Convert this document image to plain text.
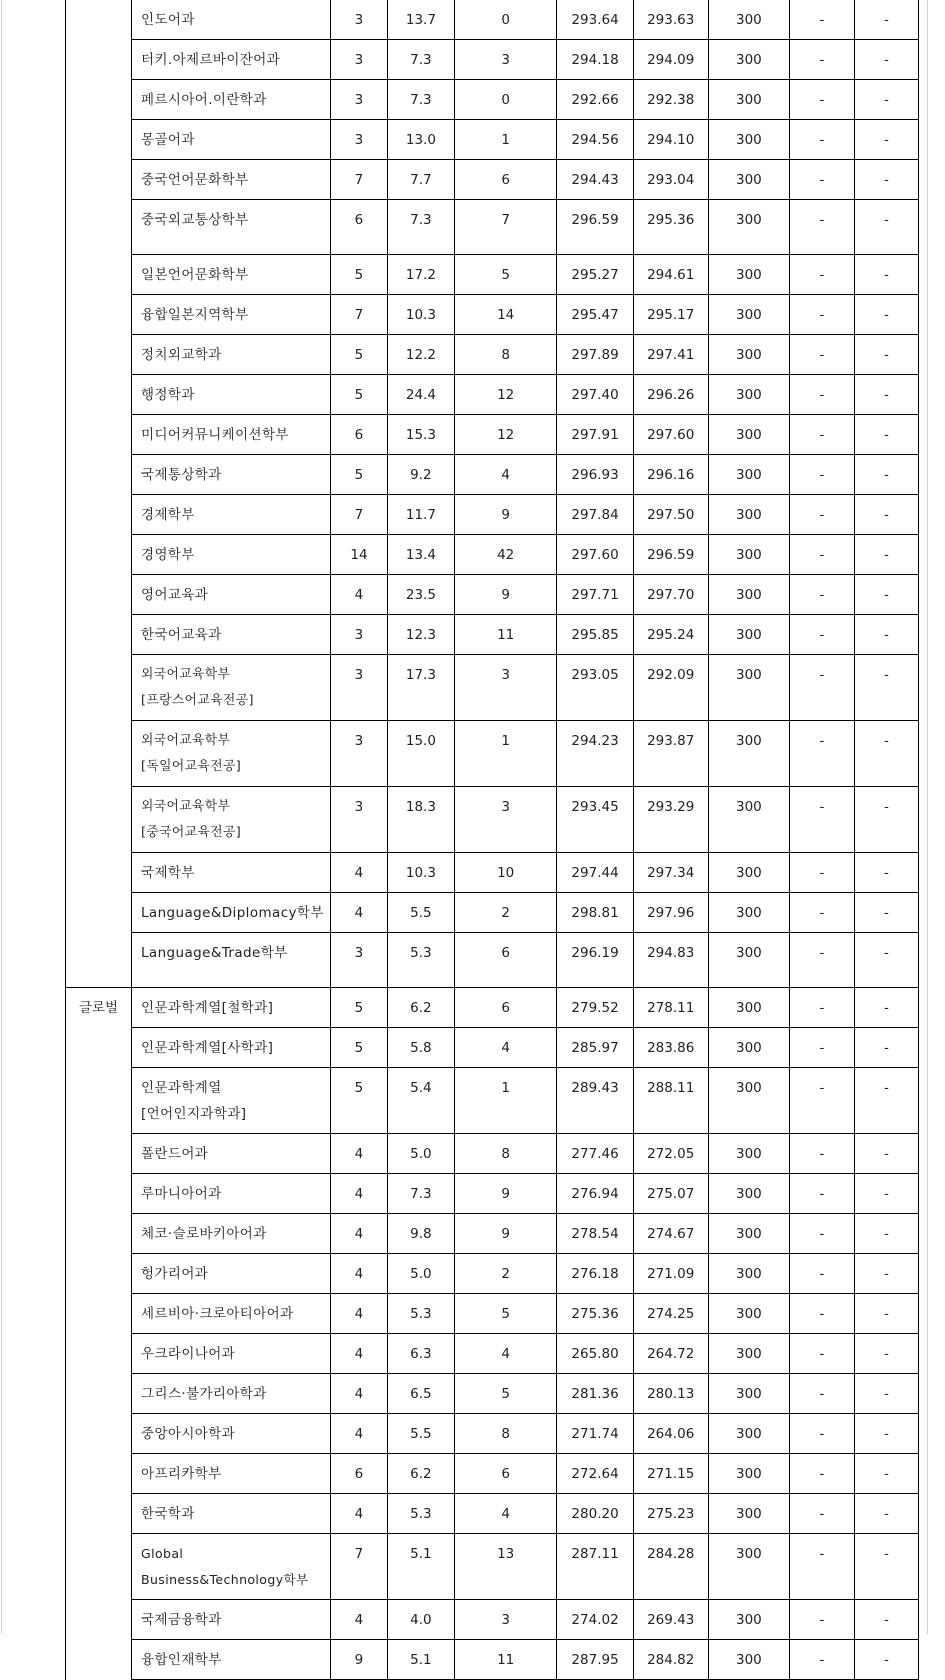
	인도어과	3	13.7	0	293.64	293.63	300	-	-
	터키.아제르바이잔어과	3	7.3	3	294.18	294.09	300	-	-
	페르시아어.이란학과	3	7.3	0	292.66	292.38	300	-	-
	몽골어과	3	13.0	1	294.56	294.10	300	-	-
	중국언어문화학부	7	7.7	6	294.43	293.04	300	-	-
	중국외교통상학부	6	7.3	7	296.59	295.36	300	-	-
	일본언어문화학부	5	17.2	5	295.27	294.61	300	-	-
	융합일본지역학부	7	10.3	14	295.47	295.17	300	-	-
	정치외교학과	5	12.2	8	297.89	297.41	300	-	-
	행정학과	5	24.4	12	297.40	296.26	300	-	-
	미디어커뮤니케이션학부	6	15.3	12	297.91	297.60	300	-	-
	국제통상학과	5	9.2	4	296.93	296.16	300	-	-
	경제학부	7	11.7	9	297.84	297.50	300	-	-
	경영학부	14	13.4	42	297.60	296.59	300	-	-
	영어교육과	4	23.5	9	297.71	297.70	300	-	-
	한국어교육과	3	12.3	11	295.85	295.24	300	-	-
	외국어교육학부[프랑스어교육전공]	3	17.3	3	293.05	292.09	300	-	-
	외국어교육학부[독일어교육전공]	3	15.0	1	294.23	293.87	300	-	-
	외국어교육학부[중국어교육전공]	3	18.3	3	293.45	293.29	300	-	-
	국제학부	4	10.3	10	297.44	297.34	300	-	-
	Language&Diplomacy학부	4	5.5	2	298.81	297.96	300	-	-
	Language&Trade학부	3	5.3	6	296.19	294.83	300	-	-
글로벌	인문과학계열[철학과]	5	6.2	6	279.52	278.11	300	-	-
	인문과학계열[사학과]	5	5.8	4	285.97	283.86	300	-	-
	인문과학계열[언어인지과학과]	5	5.4	1	289.43	288.11	300	-	-
	폴란드어과	4	5.0	8	277.46	272.05	300	-	-
	루마니아어과	4	7.3	9	276.94	275.07	300	-	-
	체코·슬로바키아어과	4	9.8	9	278.54	274.67	300	-	-
	헝가리어과	4	5.0	2	276.18	271.09	300	-	-
	세르비아·크로아티아어과	4	5.3	5	275.36	274.25	300	-	-
	우크라이나어과	4	6.3	4	265.80	264.72	300	-	-
	그리스·불가리아학과	4	6.5	5	281.36	280.13	300	-	-
	중앙아시아학과	4	5.5	8	271.74	264.06	300	-	-
	아프리카학부	6	6.2	6	272.64	271.15	300	-	-
	한국학과	4	5.3	4	280.20	275.23	300	-	-
	Global Business&Technology학부	7	5.1	13	287.11	284.28	300	-	-
	국제금융학과	4	4.0	3	274.02	269.43	300	-	-
	융합인재학부	9	5.1	11	287.95	284.82	300	-	-
